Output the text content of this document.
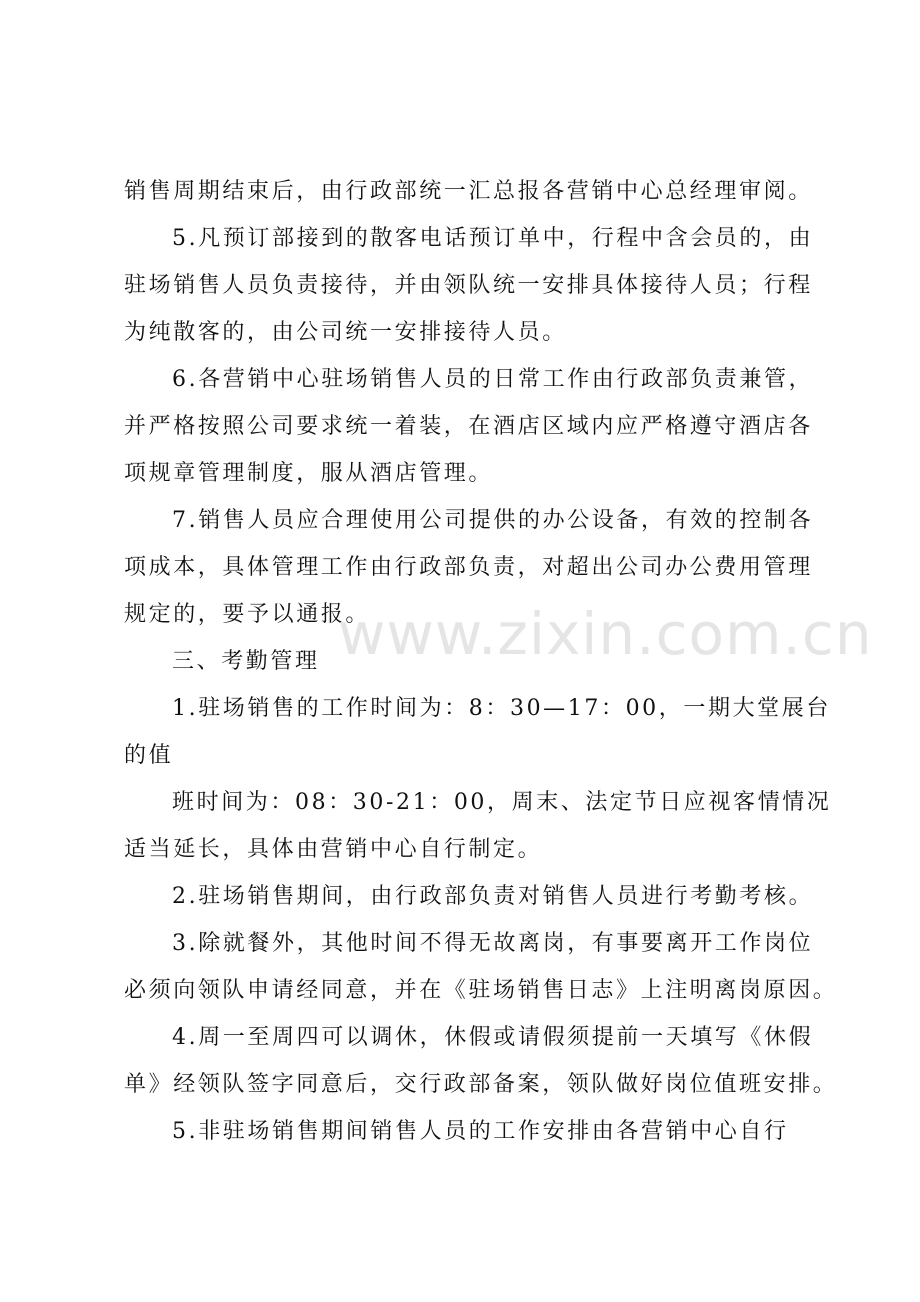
销售周期结束后，由行政部统一汇总报各营销中心总经理审阅。
5.凡预订部接到的散客电话预订单中，行程中含会员的，由
驻场销售人员负责接待，并由领队统一安排具体接待人员；行程
为纯散客的，由公司统一安排接待人员。
6.各营销中心驻场销售人员的日常工作由行政部负责兼管，
并严格按照公司要求统一着装，在酒店区域内应严格遵守酒店各
项规章管理制度，服从酒店管理。
7.销售人员应合理使用公司提供的办公设备，有效的控制各
项成本，具体管理工作由行政部负责，对超出公司办公费用管理
规定的，要予以通报。
三、考勤管理
1.驻场销售的工作时间为：8：30—17：00，一期大堂展台
的值
班时间为：08：30-21：00，周末、法定节日应视客情情况
适当延长，具体由营销中心自行制定。
2.驻场销售期间，由行政部负责对销售人员进行考勤考核。
3.除就餐外，其他时间不得无故离岗，有事要离开工作岗位
必须向领队申请经同意，并在《驻场销售日志》上注明离岗原因。
4.周一至周四可以调休，休假或请假须提前一天填写《休假
单》经领队签字同意后，交行政部备案，领队做好岗位值班安排。
5.非驻场销售期间销售人员的工作安排由各营销中心自行
www.zixin.com.cn
